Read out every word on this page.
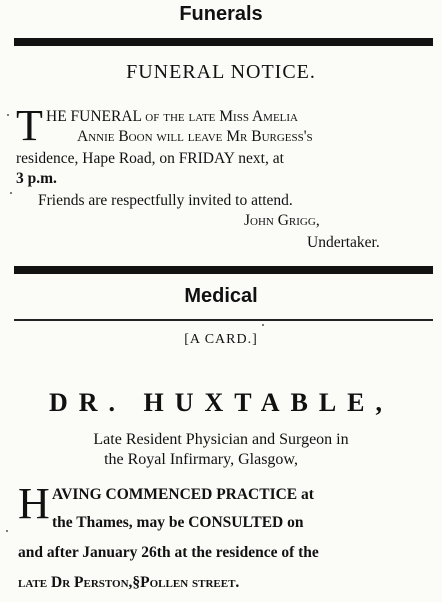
Funerals
FUNERAL NOTICE.
T HE FUNERAL of the late Miss Amelia
Annie Boon will leave Mr Burgess's
residence, Hape Road, on FRIDAY next, at
3 p.m.
Friends are respectfully invited to attend.
John Grigg,
Undertaker.
Medical
[A CARD.]
DR. HUXTABLE,
Late Resident Physician and Surgeon in
the Royal Infirmary, Glasgow,
H AVING COMMENCED PRACTICE at
the Thames, may be CONSULTED on
and after January 26th at the residence of the
late Dr Perston,§Pollen street.
